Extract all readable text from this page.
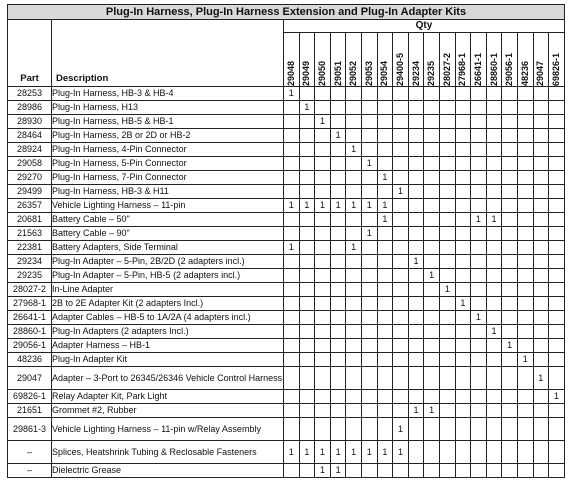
Plug-In Harness, Plug-In Harness Extension and Plug-In Adapter Kits																			
Part	Description	Qty																	

		29048	29049	29050	29051	29052	29053	29054	29400-5	29234	29235	28027-2	27968-1	26641-1	28860-1	29056-1	48236	29047	69826-1

28253	Plug-In Harness, HB-3 & HB-4	1																	
28986	Plug-In Harness, H13		1																
28930	Plug-In Harness, HB-5 & HB-1			1															
28464	Plug-In Harness, 2B or 2D or HB-2				1														
28924	Plug-In Harness, 4-Pin Connector					1													
29058	Plug-In Harness, 5-Pin Connector						1												
29270	Plug-In Harness, 7-Pin Connector							1											
29499	Plug-In Harness, HB-3 & H11								1										
26357	Vehicle Lighting Harness – 11-pin	1	1	1	1	1	1	1											
20681	Battery Cable – 50"							1						1	1				
21563	Battery Cable – 90"						1												
22381	Battery Adapters, Side Terminal	1				1													
29234	Plug-In Adapter – 5-Pin, 2B/2D (2 adapters incl.)									1									
29235	Plug-In Adapter – 5-Pin, HB-5 (2 adapters incl.)										1								
28027-2	In-Line Adapter											1							
27968-1	2B to 2E Adapter Kit (2 adapters Incl.)												1						
26641-1	Adapter Cables – HB-5 to 1A/2A (4 adapters incl.)													1					
28860-1	Plug-In Adapters (2 adapters Incl.)														1				
29056-1	Adapter Harness – HB-1															1			
48236	Plug-In Adapter Kit																1		
29047	Adapter – 3-Port to 26345/26346 Vehicle Control Harness																	1	
69826-1	Relay Adapter Kit, Park Light																		1
21651	Grommet #2, Rubber									1	1								
29861-3	Vehicle Lighting Harness – 11-pin w/Relay Assembly								1										
–	Splices, Heatshrink Tubing & Reclosable Fasteners	1	1	1	1	1	1	1	1										
–	Dielectric Grease			1	1														
